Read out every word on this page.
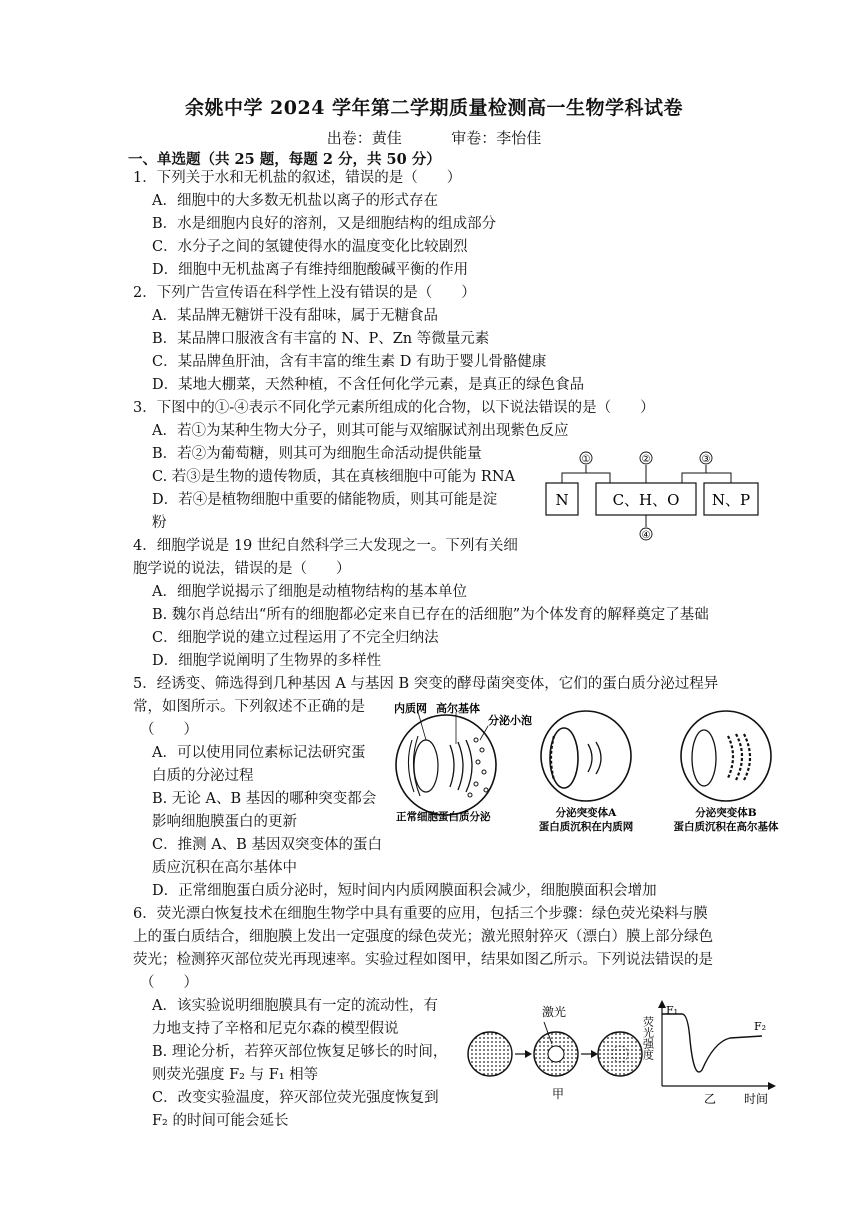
余姚中学 2024 学年第二学期质量检测高一生物学科试卷
出卷：黄佳	审卷：李怡佳
一、单选题（共 25 题，每题 2 分，共 50 分）
1．下列关于水和无机盐的叙述，错误的是（　　）
A．细胞中的大多数无机盐以离子的形式存在
B．水是细胞内良好的溶剂，又是细胞结构的组成部分
C．水分子之间的氢键使得水的温度变化比较剧烈
D．细胞中无机盐离子有维持细胞酸碱平衡的作用
2．下列广告宣传语在科学性上没有错误的是（　　）
A．某品牌无糖饼干没有甜味，属于无糖食品
B．某品牌口服液含有丰富的 N、P、Zn 等微量元素
C．某品牌鱼肝油，含有丰富的维生素 D 有助于婴儿骨骼健康
D．某地大棚菜，天然种植，不含任何化学元素，是真正的绿色食品
3．下图中的①-④表示不同化学元素所组成的化合物，以下说法错误的是（　　）
A．若①为某种生物大分子，则其可能与双缩脲试剂出现紫色反应
B．若②为葡萄糖，则其可为细胞生命活动提供能量
C. 若③是生物的遗传物质，其在真核细胞中可能为 RNA
D．若④是植物细胞中重要的储能物质，则其可能是淀
粉
N	C、H、O N、P
①	②	③
④
4．细胞学说是 19 世纪自然科学三大发现之一。下列有关细
胞学说的说法，错误的是（　　）
A．细胞学说揭示了细胞是动植物结构的基本单位
B. 魏尔肖总结出“所有的细胞都必定来自已存在的活细胞”为个体发育的解释奠定了基础
C．细胞学说的建立过程运用了不完全归纳法
D．细胞学说阐明了生物界的多样性
5．经诱变、筛选得到几种基因 A 与基因 B 突变的酵母菌突变体，它们的蛋白质分泌过程异
常，如图所示。下列叙述不正确的是
（　　）
A．可以使用同位素标记法研究蛋
白质的分泌过程
B. 无论 A、B 基因的哪种突变都会
影响细胞膜蛋白的更新
C．推测 A、B 基因双突变体的蛋白
质应沉积在高尔基体中
D．正常细胞蛋白质分泌时，短时间内内质网膜面积会减少，细胞膜面积会增加
内质网 高尔基体
分泌小泡
正常细胞蛋白质分泌	分泌突变体A
蛋白质沉积在内质网
分泌突变体B
蛋白质沉积在高尔基体
6．荧光漂白恢复技术在细胞生物学中具有重要的应用，包括三个步骤：绿色荧光染料与膜
上的蛋白质结合，细胞膜上发出一定强度的绿色荧光；激光照射猝灭（漂白）膜上部分绿色
荧光；检测猝灭部位荧光再现速率。实验过程如图甲，结果如图乙所示。下列说法错误的是
（　　）
A．该实验说明细胞膜具有一定的流动性，有
力地支持了辛格和尼克尔森的模型假说
B. 理论分析，若猝灭部位恢复足够长的时间，
则荧光强度 F₂ 与 F₁ 相等
C．改变实验温度，猝灭部位荧光强度恢复到
F₂ 的时间可能会延长
激光
甲
F₁
F₂
荧光强度
乙 时间
